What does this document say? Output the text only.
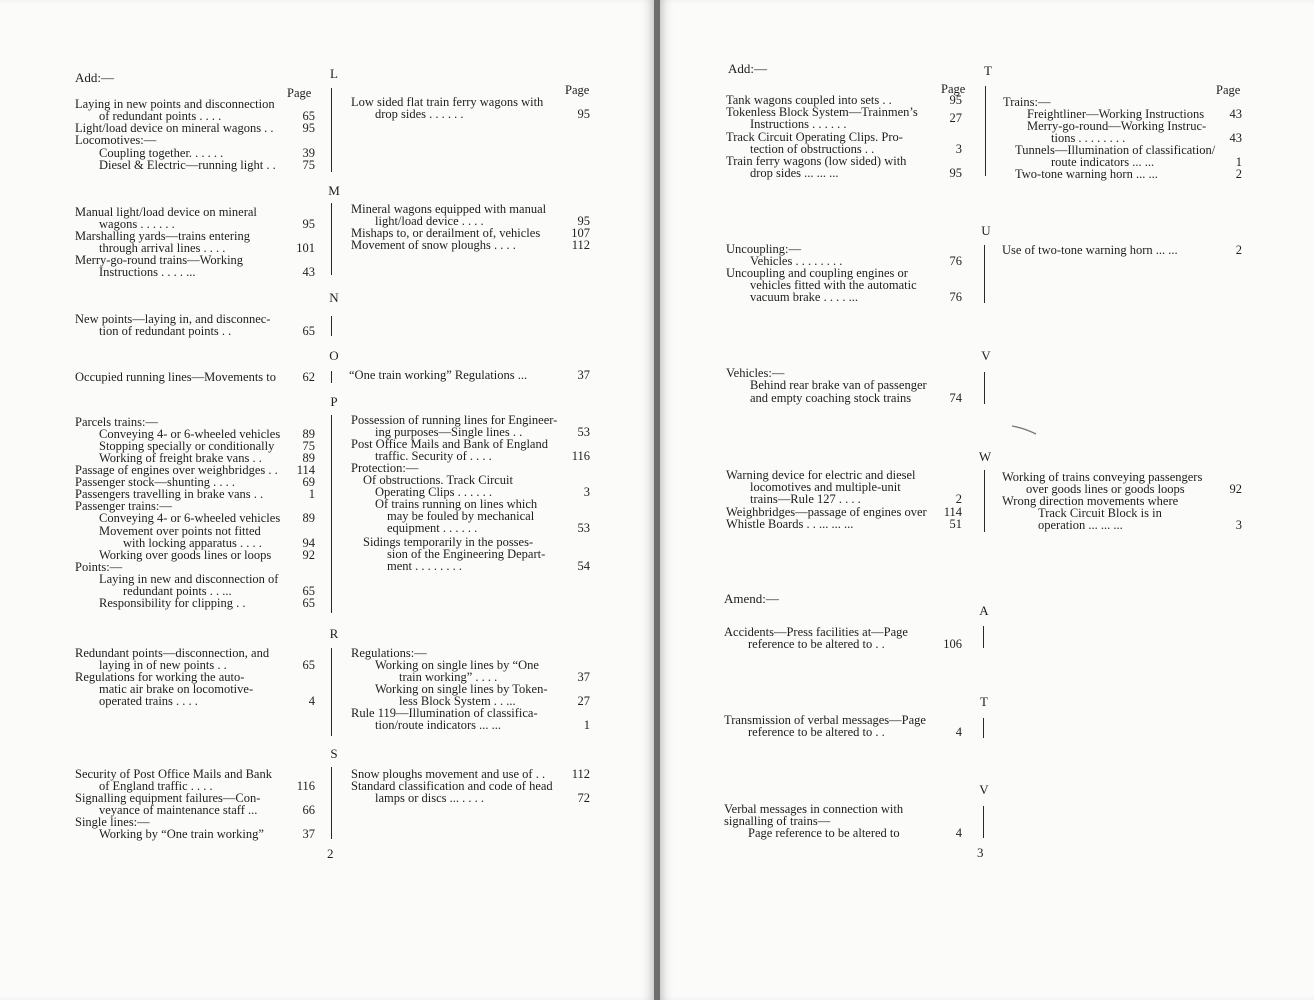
Add:—
Page	Page
L
Laying in new points and disconnection
of redundant points . . . .	65
Light/load device on mineral wagons . .	95
Locomotives:—
Coupling together. . . . . .	39
Diesel & Electric—running light . .	75
Low sided flat train ferry wagons with
drop sides . . . . . .	95
M
Manual light/load device on mineral
wagons . . . . . .	95
Marshalling yards—trains entering
through arrival lines . . . .	101
Merry-go-round trains—Working
Instructions . . . . ...	43
Mineral wagons equipped with manual
light/load device . . . .	95
Mishaps to, or derailment of, vehicles	107
Movement of snow ploughs . . . .	112
N
New points—laying in, and disconnec-
tion of redundant points . .	65
O
Occupied running lines—Movements to	62	“One train working” Regulations ...	37
P
Parcels trains:—
Conveying 4- or 6-wheeled vehicles	89
Stopping specially or conditionally	75
Working of freight brake vans . .	89
Passage of engines over weighbridges . .	114
Passenger stock—shunting . . . .	69
Passengers travelling in brake vans . .	1
Passenger trains:—
Conveying 4- or 6-wheeled vehicles	89
Movement over points not fitted
with locking apparatus . . . .	94
Working over goods lines or loops	92
Points:—
Laying in new and disconnection of
redundant points . . ...	65
Responsibility for clipping . .	65
Possession of running lines for Engineer-
ing purposes—Single lines . .	53
Post Office Mails and Bank of England
traffic. Security of . . . .	116
Protection:—
Of obstructions. Track Circuit
Operating Clips . . . . . .	3
Of trains running on lines which
may be fouled by mechanical
equipment . . . . . .	53
Sidings temporarily in the posses-
sion of the Engineering Depart-
ment . . . . . . . .	54
R
Redundant points—disconnection, and
laying in of new points . .	65
Regulations for working the auto-
matic air brake on locomotive-
operated trains . . . .	4
Regulations:—
Working on single lines by “One
train working” . . . .	37
Working on single lines by Token-
less Block System . . ...	27
Rule 119—Illumination of classifica-
tion/route indicators ... ...	1
S
Security of Post Office Mails and Bank
of England traffic . . . .	116
Signalling equipment failures—Con-
veyance of maintenance staff ...	66
Single lines:—
Working by “One train working”	37
Snow ploughs movement and use of . .	112
Standard classification and code of head
lamps or discs ... . . . .	72
2
Add:—
Page	Page
T
Tank wagons coupled into sets . .	95
Tokenless Block System—Trainmen’s
Instructions . . . . . .	27
Track Circuit Operating Clips. Pro-
tection of obstructions . .	3
Train ferry wagons (low sided) with
drop sides ... ... ...	95
Trains:—
Freightliner—Working Instructions	43
Merry-go-round—Working Instruc-
tions . . . . . . . .	43
Tunnels—Illumination of classification/
route indicators ... ...	1
Two-tone warning horn ... ...	2
U
Uncoupling:—
Vehicles . . . . . . . .	76
Uncoupling and coupling engines or
vehicles fitted with the automatic
vacuum brake . . . . ...	76
Use of two-tone warning horn ... ...	2
V
Vehicles:—
Behind rear brake van of passenger
and empty coaching stock trains	74
W
Warning device for electric and diesel
locomotives and multiple-unit
trains—Rule 127 . . . .	2
Weighbridges—passage of engines over	114
Whistle Boards . . ... ... ...	51
Working of trains conveying passengers
over goods lines or goods loops	92
Wrong direction movements where
Track Circuit Block is in
operation ... ... ...	3
Amend:—
A
Accidents—Press facilities at—Page
reference to be altered to . .	106
T
Transmission of verbal messages—Page
reference to be altered to . .	4
V
Verbal messages in connection with
signalling of trains—
Page reference to be altered to	4
3
